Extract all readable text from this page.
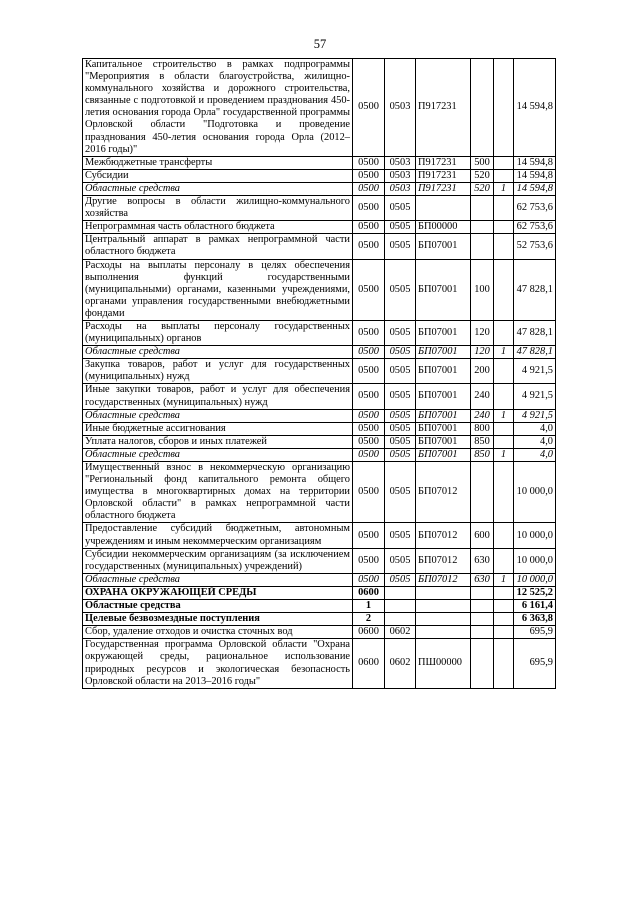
57
Капитальное строительство в рамках подпрограммы "Мероприятия в области благоустройства, жилищно-коммунального хозяйства и дорожного строительства, связанные с подготовкой и проведением празднования 450-летия основания города Орла" государственной программы Орловской области "Подготовка и проведение празднования 450-летия основания города Орла (2012–2016 годы)"	0500	0503	П917231			14 594,8
Межбюджетные трансферты	0500	0503	П917231	500		14 594,8
Субсидии	0500	0503	П917231	520		14 594,8
Областные средства	0500	0503	П917231	520	1	14 594,8
Другие вопросы в области жилищно-коммунального хозяйства	0500	0505				62 753,6
Непрограммная часть областного бюджета	0500	0505	БП00000			62 753,6
Центральный аппарат в рамках непрограммной части областного бюджета	0500	0505	БП07001			52 753,6
Расходы на выплаты персоналу в целях обеспечения выполнения функций государственными (муниципальными) органами, казенными учреждениями, органами управления государственными внебюджетными фондами	0500	0505	БП07001	100		47 828,1
Расходы на выплаты персоналу государственных (муниципальных) органов	0500	0505	БП07001	120		47 828,1
Областные средства	0500	0505	БП07001	120	1	47 828,1
Закупка товаров, работ и услуг для государственных (муниципальных) нужд	0500	0505	БП07001	200		4 921,5
Иные закупки товаров, работ и услуг для обеспечения государственных (муниципальных) нужд	0500	0505	БП07001	240		4 921,5
Областные средства	0500	0505	БП07001	240	1	4 921,5
Иные бюджетные ассигнования	0500	0505	БП07001	800		4,0
Уплата налогов, сборов и иных платежей	0500	0505	БП07001	850		4,0
Областные средства	0500	0505	БП07001	850	1	4,0
Имущественный взнос в некоммерческую организацию "Региональный фонд капитального ремонта общего имущества в многоквартирных домах на территории Орловской области" в рамках непрограммной части областного бюджета	0500	0505	БП07012			10 000,0
Предоставление субсидий бюджетным, автономным учреждениям и иным некоммерческим организациям	0500	0505	БП07012	600		10 000,0
Субсидии некоммерческим организациям (за исключением государственных (муниципальных) учреждений)	0500	0505	БП07012	630		10 000,0
Областные средства	0500	0505	БП07012	630	1	10 000,0
ОХРАНА ОКРУЖАЮЩЕЙ СРЕДЫ	0600					12 525,2
Областные средства	1					6 161,4
Целевые безвозмездные поступления	2					6 363,8
Сбор, удаление отходов и очистка сточных вод	0600	0602				695,9
Государственная программа Орловской области "Охрана окружающей среды, рациональное использование природных ресурсов и экологическая безопасность Орловской области на 2013–2016 годы"	0600	0602	ПШ00000			695,9
